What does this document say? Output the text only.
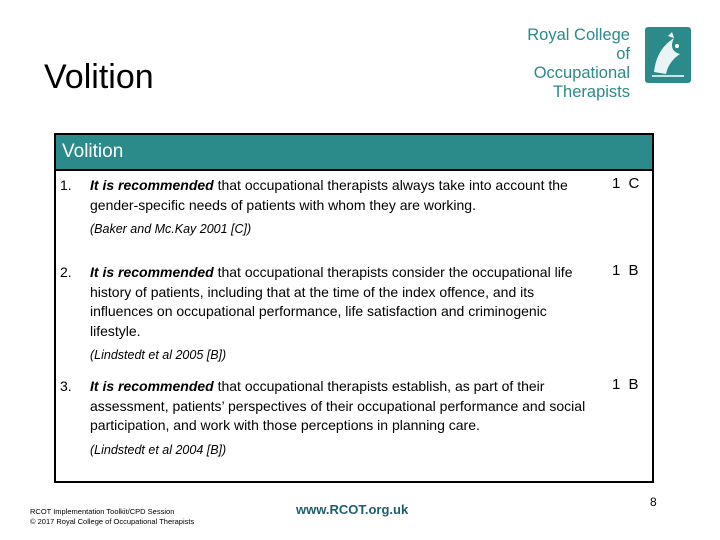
Volition
Royal College of
Occupational
Therapists
Volition
1. It is recommended that occupational therapists always take into account the gender-specific needs of patients with whom they are working.
(Baker and Mc.Kay 2001 [C])
1 C
2. It is recommended that occupational therapists consider the occupational life history of patients, including that at the time of the index offence, and its influences on occupational performance, life satisfaction and criminogenic lifestyle.
(Lindstedt et al 2005 [B])
1 B
3. It is recommended that occupational therapists establish, as part of their assessment, patients’ perspectives of their occupational performance and social participation, and work with those perceptions in planning care.
(Lindstedt et al 2004 [B])
1 B
RCOT Implementation Toolkit/CPD Session
© 2017 Royal College of Occupational Therapists
www.RCOT.org.uk	8
